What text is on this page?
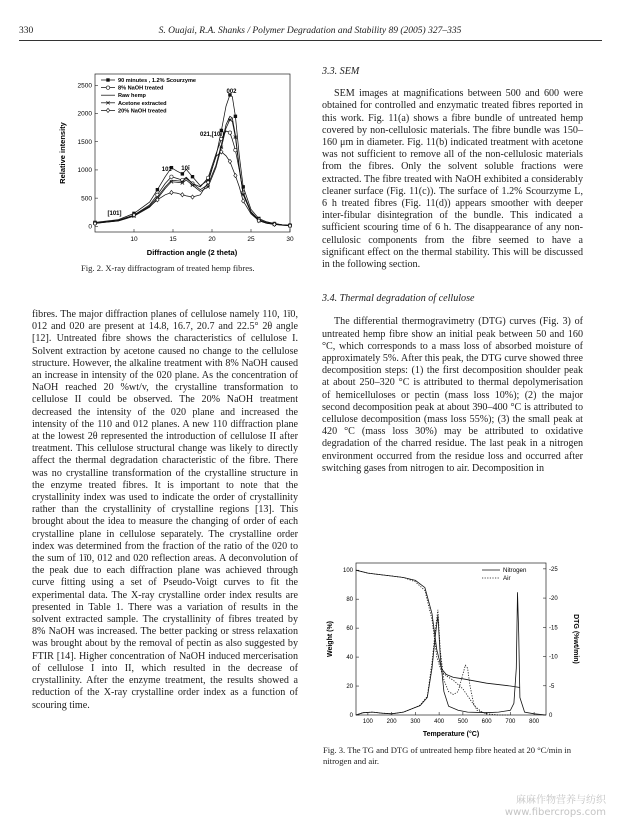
330	S. Ouajai, R.A. Shanks / Polymer Degradation and Stability 89 (2005) 327–335
10	15	20	25	30
0
500
1000
1500
2000
2500
90 minutes , 1.2% Scourzyme
8% NaOH treated
Raw hemp
Acetone extracted
20% NaOH treated
[101]
101 10ī
021,[10ī]
002
Diffraction angle (2 theta)
Relative intensity
Fig. 2. X-ray diffractogram of treated hemp fibres.

fibres. The major diffraction planes of cellulose namely 110, 1ī0, 012 and 020 are present at 14.8, 16.7, 20.7 and 22.5° 2θ angle [12]. Untreated fibre shows the characteristics of cellulose I. Solvent extraction by acetone caused no change to the cellulose structure. However, the alkaline treatment with 8% NaOH caused an increase in intensity of the 020 plane. As the concentration of NaOH reached 20 %wt/v, the crystalline transformation to cellulose II could be observed. The 20% NaOH treatment decreased the intensity of the 020 plane and increased the intensity of the 110 and 012 planes. A new 110 diffraction plane at the lowest 2θ represented the introduction of cellulose II after treatment. This cellulose structural change was likely to directly affect the thermal degradation characteristic of the fibre. There was no crystalline transformation of the crystalline structure in the enzyme treated fibres. It is important to note that the crystallinity index was used to indicate the order of crystallinity rather than the crystallinity of crystalline regions [13]. This brought about the idea to measure the changing of order of each crystalline plane in cellulose separately. The crystalline order index was determined from the fraction of the ratio of the 020 to the sum of 1ī0, 012 and 020 reflection areas. A deconvolution of the peak due to each diffraction plane was achieved through curve fitting using a set of Pseudo-Voigt curves to fit the experimental data. The X-ray crystalline order index results are presented in Table 1. There was a variation of results in the solvent extracted sample. The crystallinity of fibres treated by 8% NaOH was increased. The better packing or stress relaxation was brought about by the removal of pectin as also suggested by FTIR [14]. Higher concentration of NaOH induced mercerisation of cellulose I into II, which resulted in the decrease of crystallinity. After the enzyme treatment, the results showed a reduction of the X-ray crystalline order index as a function of scouring time.

3.3. SEM

SEM images at magnifications between 500 and 600 were obtained for controlled and enzymatic treated fibres reported in this work. Fig. 11(a) shows a fibre bundle of untreated hemp covered by non-cellulosic materials. The fibre bundle was 150–160 μm in diameter. Fig. 11(b) indicated treatment with acetone was not sufficient to remove all of the non-cellulosic materials from the fibres. Only the solvent soluble fractions were extracted. The fibre treated with NaOH exhibited a considerably cleaner surface (Fig. 11(c)). The surface of 1.2% Scourzyme L, 6 h treated fibres (Fig. 11(d)) appears smoother with deeper inter-fibular disintegration of the bundle. This indicated a sufficient scouring time of 6 h. The disappearance of any non-cellulosic components from the fibre seemed to have a significant effect on the thermal stability. This will be discussed in the following section.

3.4. Thermal degradation of cellulose

The differential thermogravimetry (DTG) curves (Fig. 3) of untreated hemp fibre show an initial peak between 50 and 160 °C, which corresponds to a mass loss of absorbed moisture of approximately 5%. After this peak, the DTG curve showed three decomposition steps: (1) the first decomposition shoulder peak at about 250–320 °C is attributed to thermal depolymerisation of hemicelluloses or pectin (mass loss 10%); (2) the major second decomposition peak at about 390–400 °C is attributed to cellulose decomposition (mass loss 55%); (3) the small peak at 420 °C (mass loss 30%) may be attributed to oxidative degradation of the charred residue. The last peak in a nitrogen environment occurred from the residue loss and occurred after switching gases from nitrogen to air. Decomposition in

100 200 300 400 500 600 700 800
0
20
40
60
80
100
0
-5
-10
-15
-20
-25
Nitrogen
Air
Temperature (°C)
Weight (%)	DTG (%wt/min)
Fig. 3. The TG and DTG of untreated hemp fibre heated at 20 °C/min in nitrogen and air.
麻麻作物营养与纺织
www.fibercrops.com
